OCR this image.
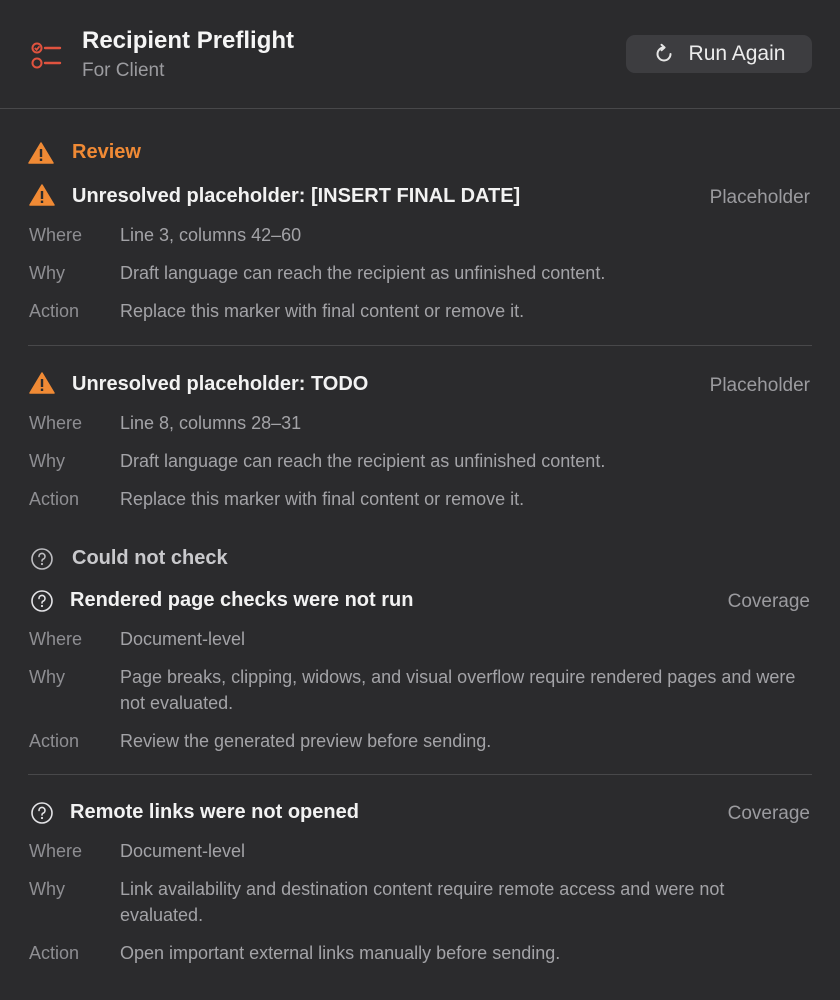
Recipient Preflight
For Client
Run Again
Review
Unresolved placeholder: [INSERT FINAL DATE]	Placeholder
Where Line 3, columns 42–60
Why	Draft language can reach the recipient as unfinished content.
Action Replace this marker with final content or remove it.
Unresolved placeholder: TODO	Placeholder
Where Line 8, columns 28–31
Why	Draft language can reach the recipient as unfinished content.
Action Replace this marker with final content or remove it.
Could not check
Rendered page checks were not run	Coverage
Where Document-level
Why	Page breaks, clipping, widows, and visual overflow require rendered pages and were not evaluated.
Action Review the generated preview before sending.
Remote links were not opened	Coverage
Where Document-level
Why	Link availability and destination content require remote access and were not evaluated.
Action Open important external links manually before sending.
